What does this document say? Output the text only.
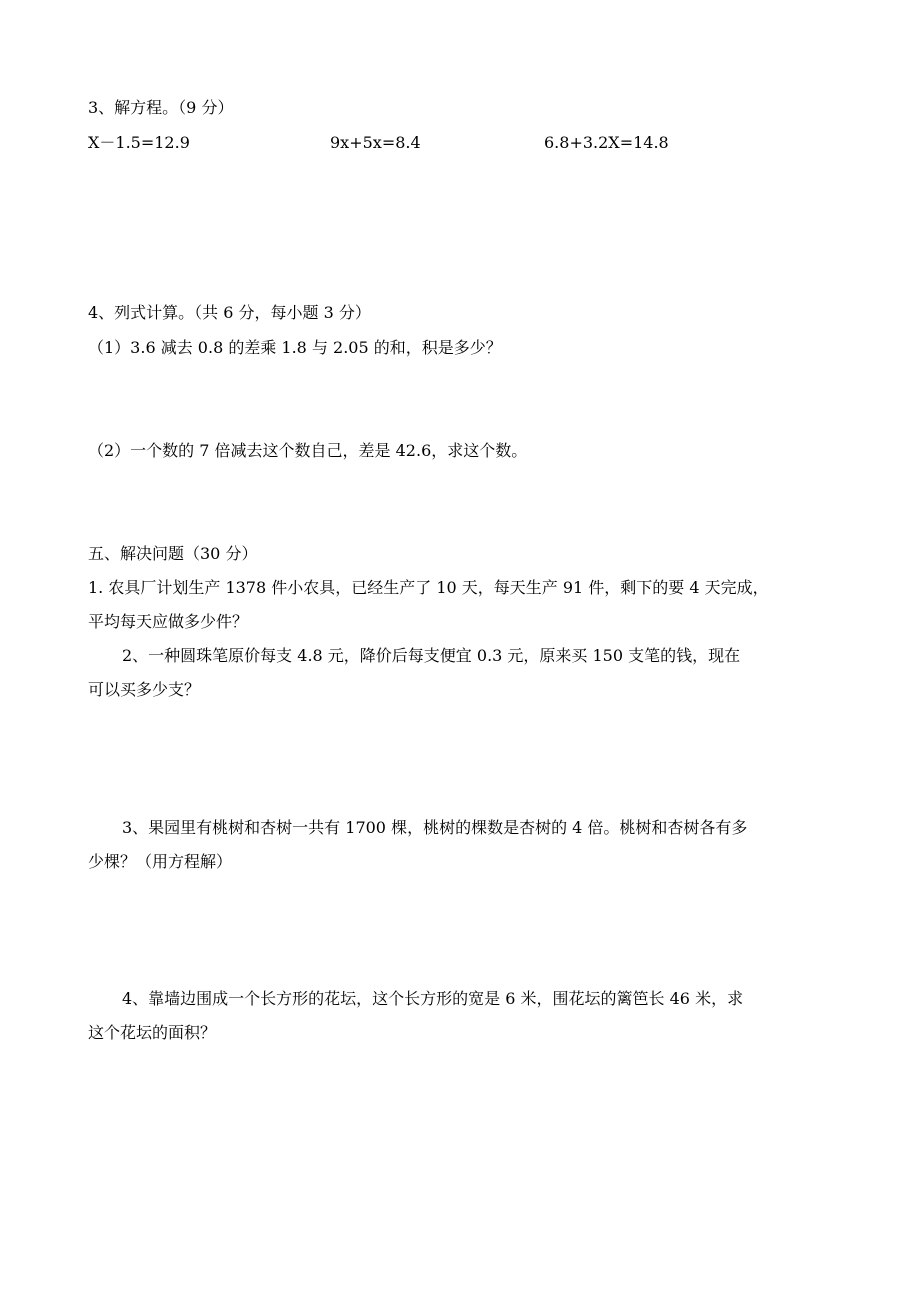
3、解方程。（9 分）
X－1.5=12.9	9x+5x=8.4	6.8+3.2X=14.8
4、列式计算。（共 6 分，每小题 3 分）
（1）3.6 减去 0.8 的差乘 1.8 与 2.05 的和，积是多少？
（2）一个数的 7 倍减去这个数自己，差是 42.6，求这个数。
五、解决问题（30 分）
1. 农具厂计划生产 1378 件小农具，已经生产了 10 天，每天生产 91 件，剩下的要 4 天完成，
平均每天应做多少件？
2、一种圆珠笔原价每支 4.8 元，降价后每支便宜 0.3 元，原来买 150 支笔的钱，现在
可以买多少支？
3、果园里有桃树和杏树一共有 1700 棵，桃树的棵数是杏树的 4 倍。桃树和杏树各有多
少棵？（用方程解）
4、靠墙边围成一个长方形的花坛，这个长方形的宽是 6 米，围花坛的篱笆长 46 米，求
这个花坛的面积？
